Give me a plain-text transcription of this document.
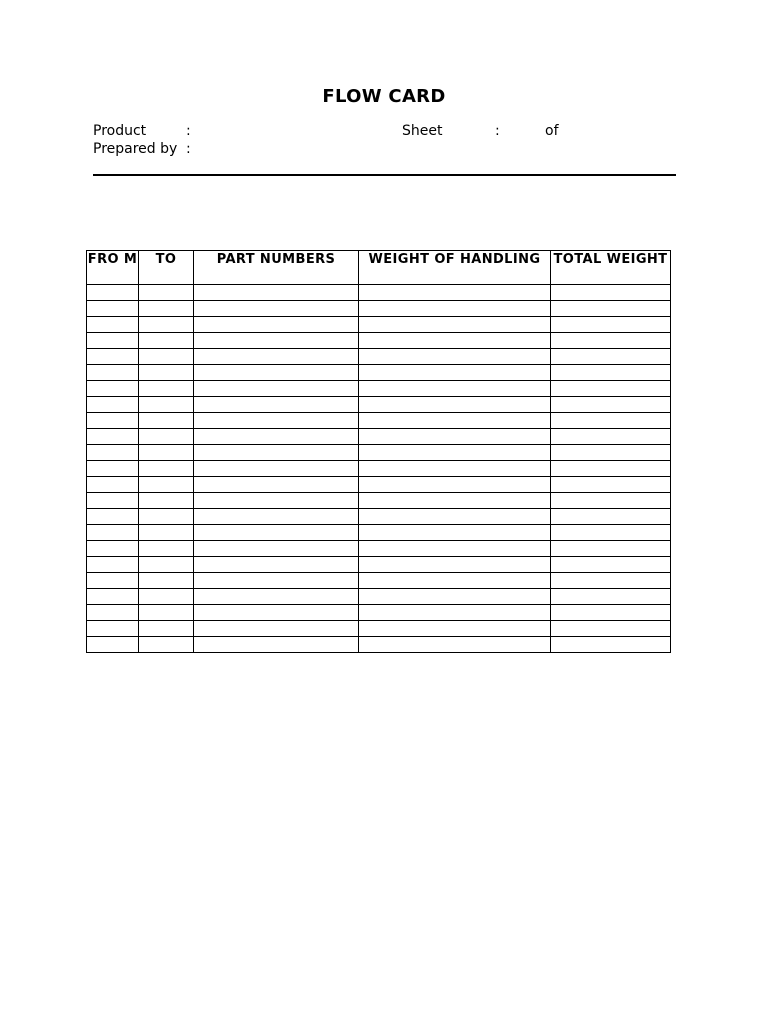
FLOW CARD
Product	:	Sheet	:	of
Prepared by :
FRO M	TO	PART NUMBERS	WEIGHT OF HANDLING	TOTAL WEIGHT
